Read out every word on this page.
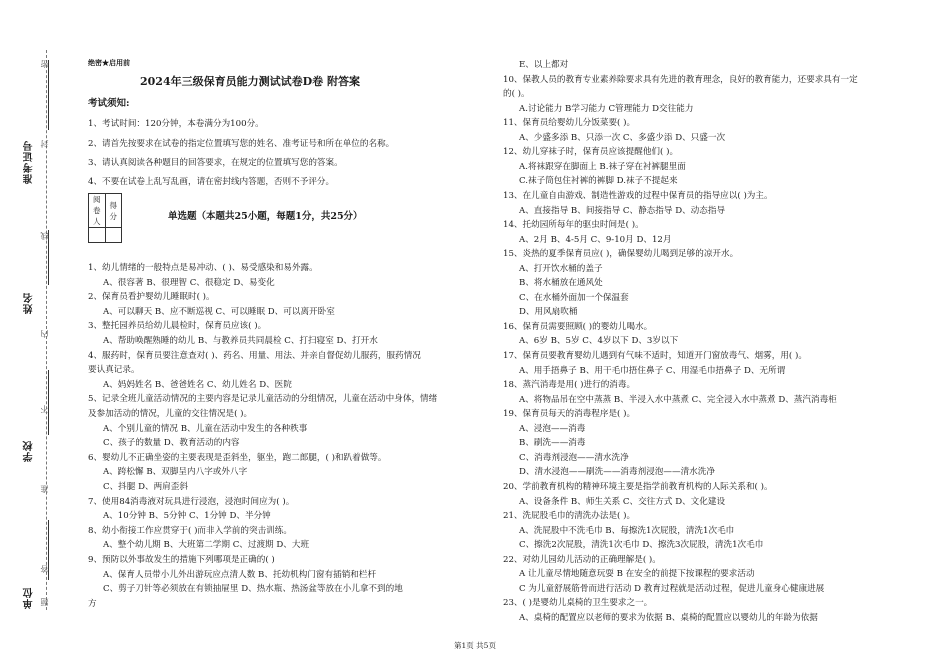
准考证号
姓名
学校
单位
密
封
线
内
不
准
答
题
绝密★启用前
2024年三级保育员能力测试试卷D卷 附答案
考试须知:
1、考试时间：120分钟，本卷满分为100分。
2、请首先按要求在试卷的指定位置填写您的姓名、准考证号和所在单位的名称。
3、请认真阅读各种题目的回答要求，在规定的位置填写您的答案。
4、不要在试卷上乱写乱画，请在密封线内答题，否则不予评分。
阅卷人	得分
		单选题（本题共25小题，每题1分，共25分）
1、幼儿情绪的一般特点是易冲动、( )、易受感染和易外露。
A、很容著 B、很理智 C、很稳定 D、易变化
2、保育员看护婴幼儿睡眠时( )。
A、可以聊天 B、应不断巡视 C、可以睡眠 D、可以离开卧室
3、整托园养员给幼儿晨检时，保育员应该( )。
A、帮助唤醒熟睡的幼儿 B、与教养员共同晨检 C、打扫寝室 D、打开水
4、服药时，保育员要注意查对( )、药名、用量、用法、并亲自督促幼儿服药，服药情况
要认真记录。
A、妈妈姓名 B、爸爸姓名 C、幼儿姓名 D、医院
5、记录全班儿童活动情况的主要内容是记录儿童活动的分组情况，儿童在活动中身体，情绪
及参加活动的情况，儿童的交往情况是( )。
A、个别儿童的情况 B、儿童在活动中发生的各种秩事
C、孩子的数量 D、教育活动的内容
6、婴幼儿不正确坐姿的主要表现是歪斜坐，躯坐，跑二郎腿，( )和趴着做等。
A、跨松懈 B、双脚呈内八字或外八字
C、抖腿 D、两肩歪斜
7、使用84消毒液对玩具进行浸泡，浸泡时间应为( )。
A、10分钟 B、5分钟 C、1分钟 D、半分钟
8、幼小衔接工作应贯穿于( )而非入学前的突击训练。
A、整个幼儿期 B、大班第二学期 C、过渡期 D、大班
9、预防以外事故发生的措施下列哪项是正确的( )
A、保育人员带小儿外出游玩应点清人数 B、托幼机构门窗有插销和栏杆
C、剪子刀针等必须放在有锁抽屉里 D、热水瓶、热汤盆等放在小儿拿不到的地
方
E、以上都对
10、保教人员的教育专业素养除要求具有先进的教育理念，良好的教育能力，还要求具有一定
的( )。
A.讨论能力 B学习能力 C管理能力 D交往能力
11、保育员给婴幼儿分饭菜要( )。
A、少盛多添 B、只添一次 C、多盛少添 D、只盛一次
12、幼儿穿袜子时，保育员应该提醒他们( )。
A.将袜跟穿在脚面上 B.袜子穿在衬裤腿里面
C.袜子筒包住衬裤的裤脚 D.袜子不提起来
13、在儿童自由游戏、制造性游戏的过程中保育员的指导应以( )为主。
A、直接指导 B、间接指导 C、静态指导 D、动态指导
14、托幼园所每年的驱虫时间是( )。
A、2月 B、4-5月 C、9-10月 D、12月
15、炎热的夏季保育员应( )，确保婴幼儿喝到足够的凉开水。
A、打开饮水桶的盖子
B、将水桶放在通风处
C、在水桶外面加一个保温套
D、用风扇吹桶
16、保育员需要照顾( )的婴幼儿喝水。
A、6岁 B、5岁 C、4岁以下 D、3岁以下
17、保育员要教育婴幼儿遇到有气味不适时，知道开门窗放毒气、烟雾，用( )。
A、用手捂鼻子 B、用干毛巾捂住鼻子 C、用湿毛巾捂鼻子 D、无所谓
18、蒸汽消毒是用( )进行的消毒。
A、将物品吊在空中蒸蒸 B、半浸入水中蒸煮 C、完全浸入水中蒸煮 D、蒸汽消毒柜
19、保育员每天的消毒程序是( )。
A、浸泡——消毒
B、刷洗——消毒
C、消毒剂浸泡——清水洗净
D、清水浸泡——刷洗——消毒剂浸泡——清水洗净
20、学前教育机构的精神环境主要是指学前教育机构的人际关系和( )。
A、设备条件 B、师生关系 C、交往方式 D、文化建设
21、洗屁股毛巾的清洗办法是( )。
A、洗屁股中不洗毛巾 B、每擦洗1次屁股，清洗1次毛巾
C、擦洗2次屁股，清洗1次毛巾 D、擦洗3次屁股，清洗1次毛巾
22、对幼儿园幼儿活动的正确理解是( )。
A 让儿童尽情地随意玩耍 B 在安全的前提下按课程的要求活动
C 为儿童舒展筋骨而进行活动 D 教育过程就是活动过程，促进儿童身心健康进展
23、( )是婴幼儿桌椅的卫生要求之一。
A、桌椅的配置应以老师的要求为依据 B、桌椅的配置应以婴幼儿的年龄为依据
第1页 共5页
